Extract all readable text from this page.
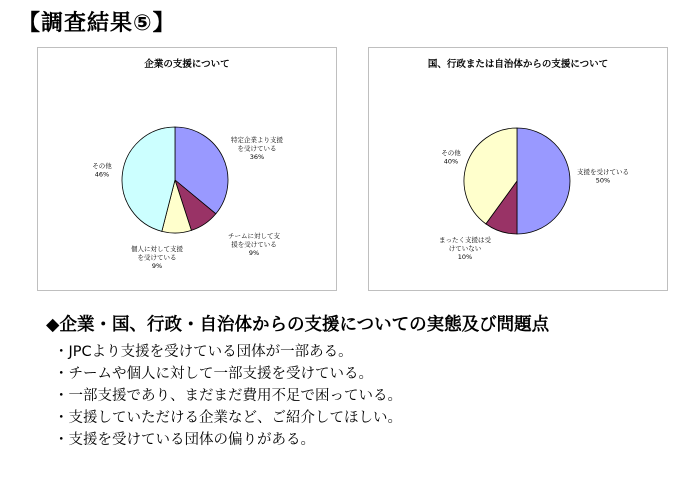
【調査結果⑤】
企業の支援について
特定企業より支援を受けている 36%
チームに対して支援を受けている 9%
個人に対して支援を受けている 9%
その他 46%
国、行政または自治体からの支援について
支援を受けている 50%
まったく支援は受けていない 10%
その他 40%
◆企業・国、行政・自治体からの支援についての実態及び問題点
・JPCより支援を受けている団体が一部ある。
・チームや個人に対して一部支援を受けている。
・一部支援であり、まだまだ費用不足で困っている。
・支援していただける企業など、ご紹介してほしい。
・支援を受けている団体の偏りがある。
